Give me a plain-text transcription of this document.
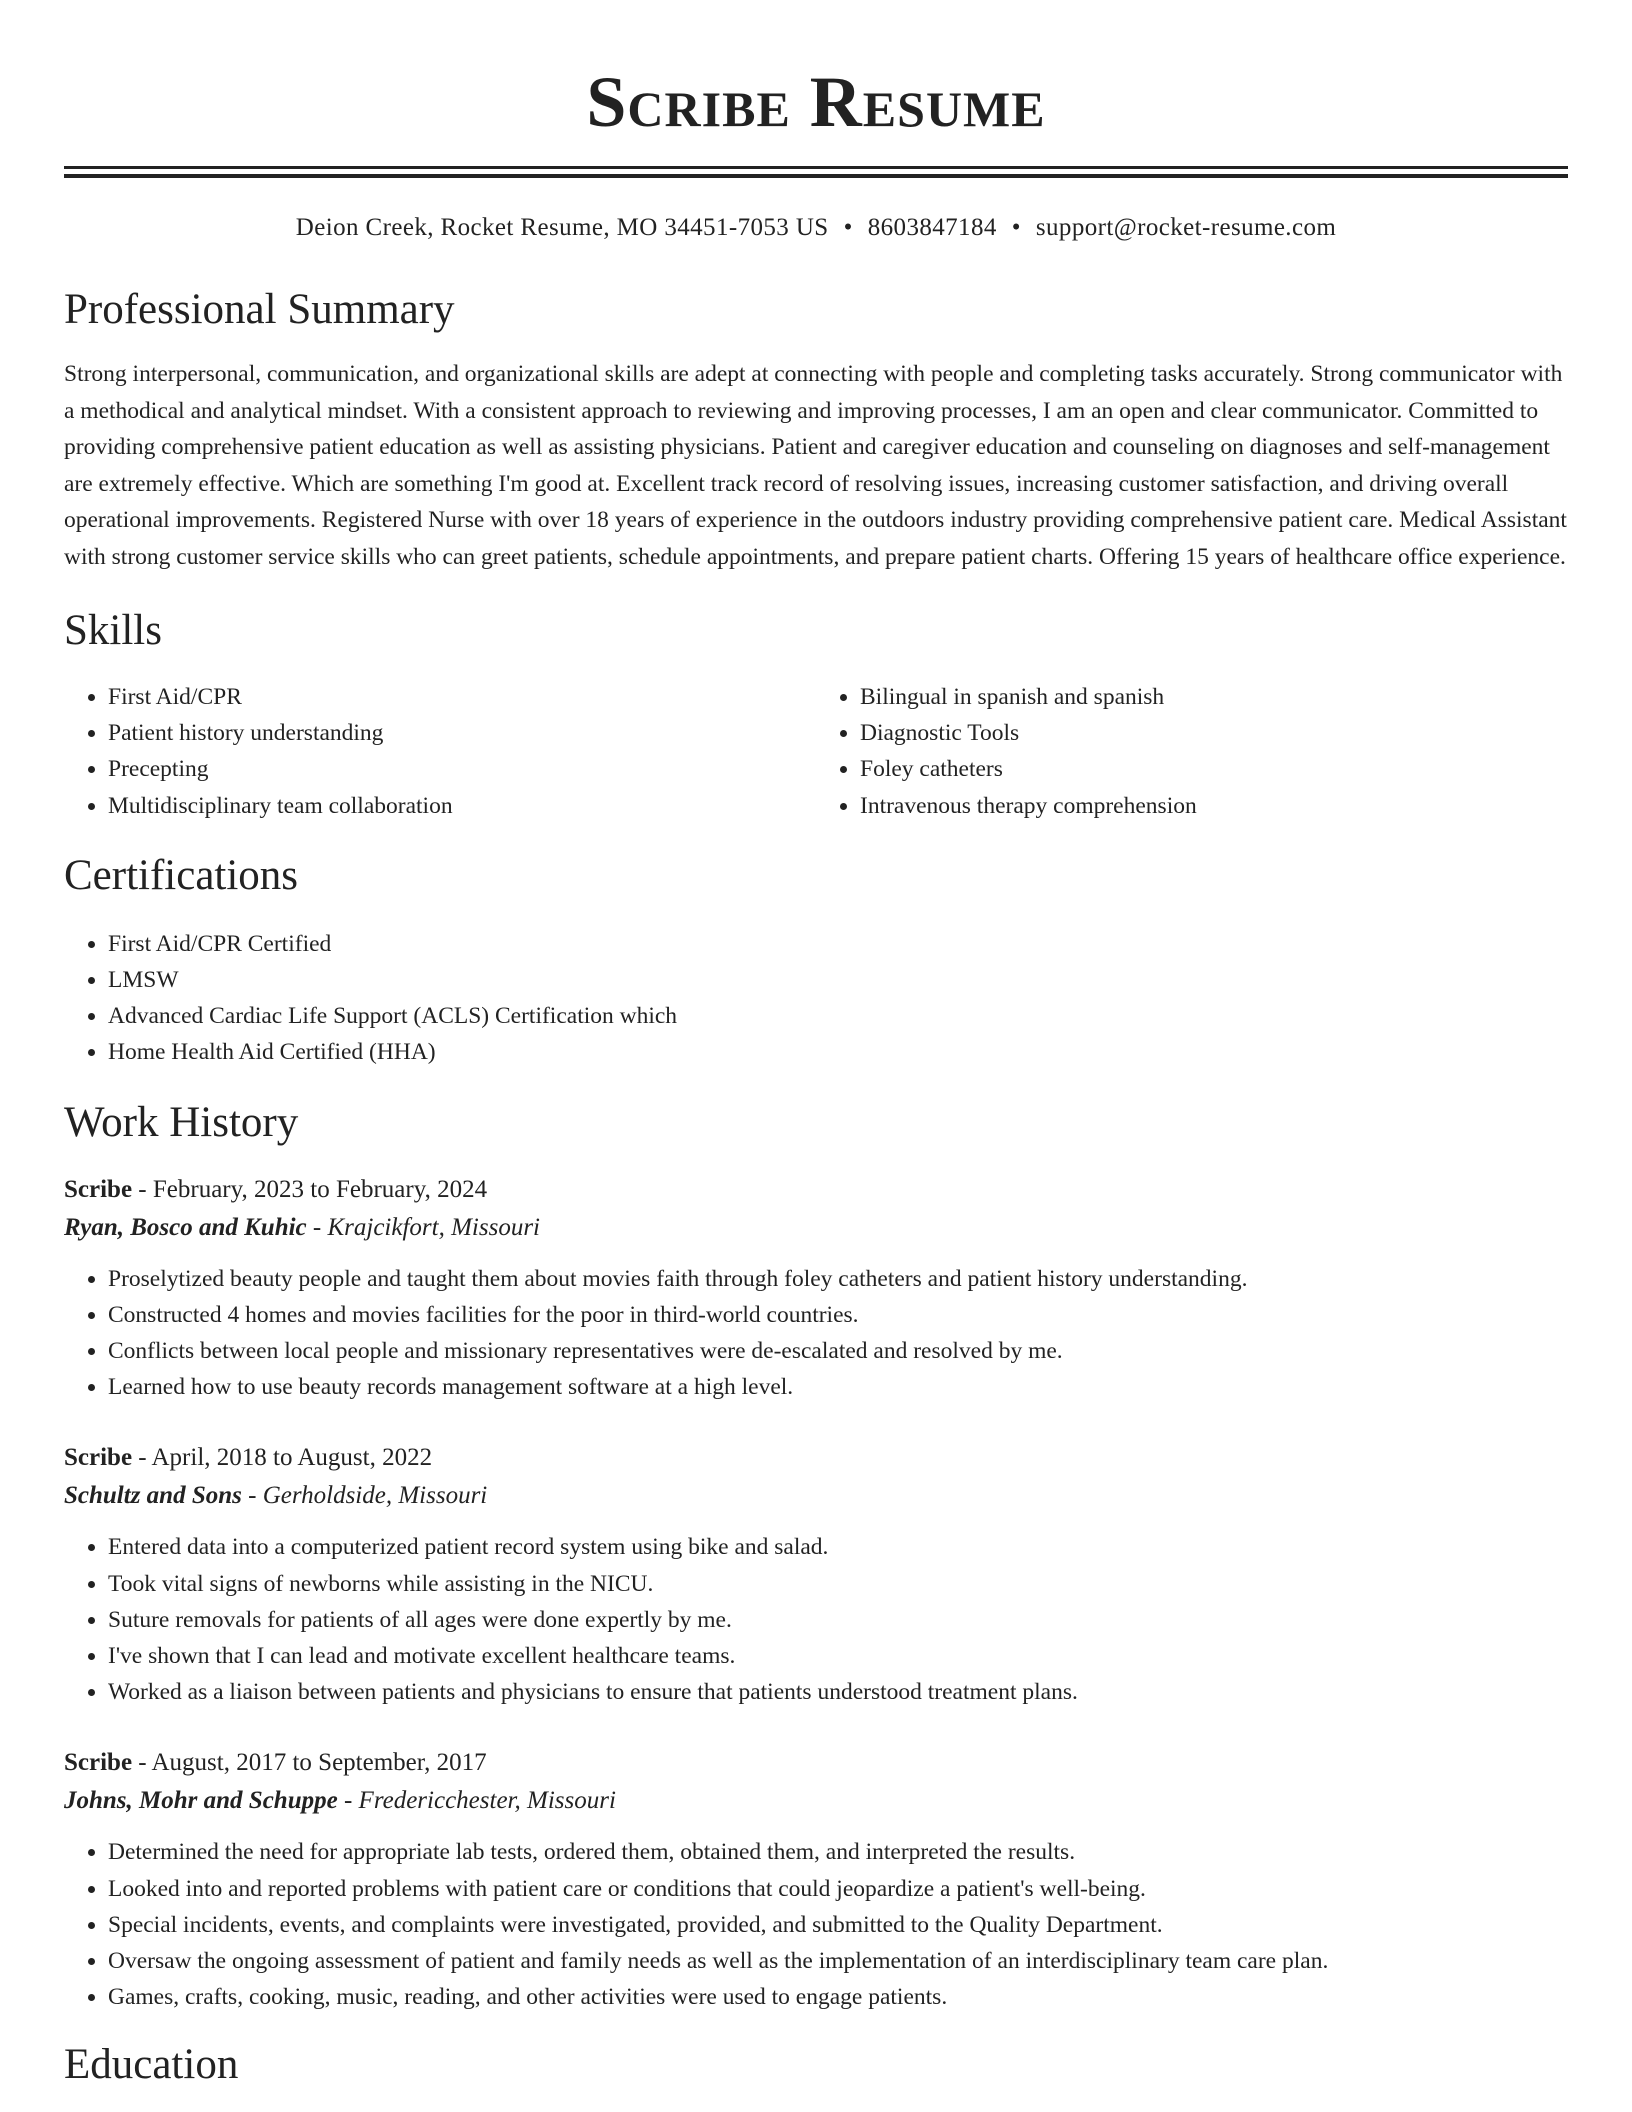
Scribe Resume
Deion Creek, Rocket Resume, MO 34451-7053 US • 8603847184 • support@rocket-resume.com
Professional Summary

Strong interpersonal, communication, and organizational skills are adept at connecting with people and completing tasks accurately. Strong communicator with a methodical and analytical mindset. With a consistent approach to reviewing and improving processes, I am an open and clear communicator. Committed to providing comprehensive patient education as well as assisting physicians. Patient and caregiver education and counseling on diagnoses and self-management are extremely effective. Which are something I'm good at. Excellent track record of resolving issues, increasing customer satisfaction, and driving overall operational improvements. Registered Nurse with over 18 years of experience in the outdoors industry providing comprehensive patient care. Medical Assistant with strong customer service skills who can greet patients, schedule appointments, and prepare patient charts. Offering 15 years of healthcare office experience.

Skills
• First Aid/CPR
• Patient history understanding
• Precepting
• Multidisciplinary team collaboration
• Bilingual in spanish and spanish
• Diagnostic Tools
• Foley catheters
• Intravenous therapy comprehension
Certifications
• First Aid/CPR Certified
• LMSW
• Advanced Cardiac Life Support (ACLS) Certification which
• Home Health Aid Certified (HHA)
Work History
Scribe - February, 2023 to February, 2024
Ryan, Bosco and Kuhic - Krajcikfort, Missouri
• Proselytized beauty people and taught them about movies faith through foley catheters and patient history understanding.
• Constructed 4 homes and movies facilities for the poor in third-world countries.
• Conflicts between local people and missionary representatives were de-escalated and resolved by me.
• Learned how to use beauty records management software at a high level.
Scribe - April, 2018 to August, 2022
Schultz and Sons - Gerholdside, Missouri
• Entered data into a computerized patient record system using bike and salad.
• Took vital signs of newborns while assisting in the NICU.
• Suture removals for patients of all ages were done expertly by me.
• I've shown that I can lead and motivate excellent healthcare teams.
• Worked as a liaison between patients and physicians to ensure that patients understood treatment plans.
Scribe - August, 2017 to September, 2017
Johns, Mohr and Schuppe - Fredericchester, Missouri
• Determined the need for appropriate lab tests, ordered them, obtained them, and interpreted the results.
• Looked into and reported problems with patient care or conditions that could jeopardize a patient's well-being.
• Special incidents, events, and complaints were investigated, provided, and submitted to the Quality Department.
• Oversaw the ongoing assessment of patient and family needs as well as the implementation of an interdisciplinary team care plan.
• Games, crafts, cooking, music, reading, and other activities were used to engage patients.
Education
